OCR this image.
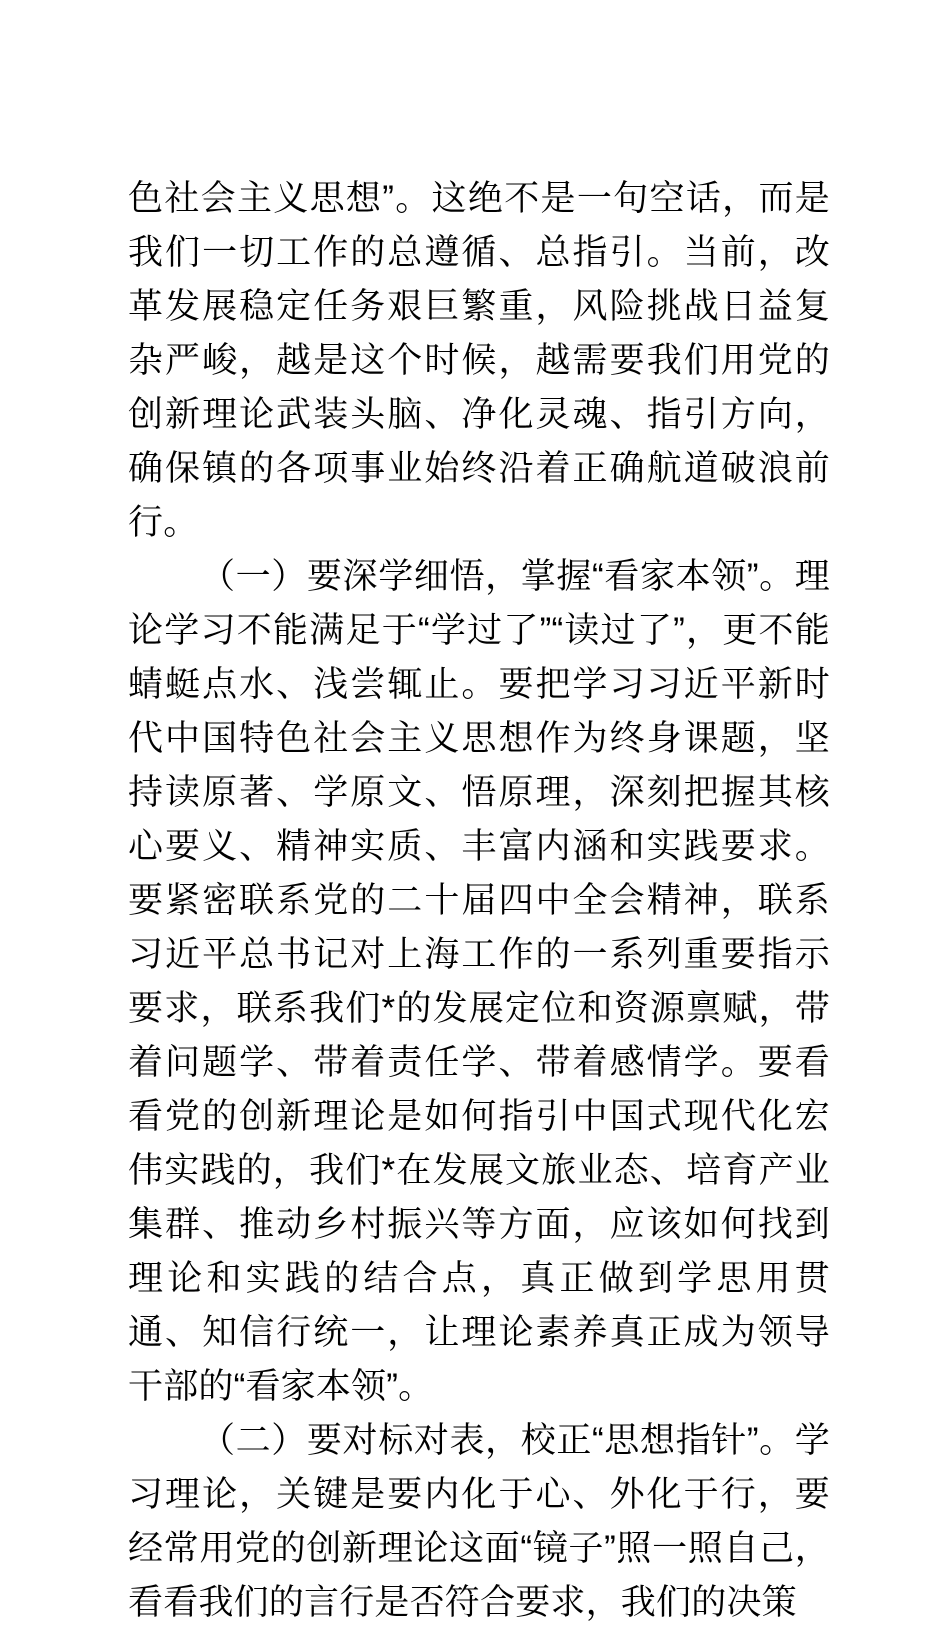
色社会主义思想”。这绝不是一句空话，而是我们一切工作的总遵循、总指引。当前，改革发展稳定任务艰巨繁重，风险挑战日益复杂严峻，越是这个时候，越需要我们用党的创新理论武装头脑、净化灵魂、指引方向，确保镇的各项事业始终沿着正确航道破浪前行。

（一）要深学细悟，掌握“看家本领”。理论学习不能满足于“学过了”“读过了”，更不能蜻蜓点水、浅尝辄止。要把学习习近平新时代中国特色社会主义思想作为终身课题，坚持读原著、学原文、悟原理，深刻把握其核心要义、精神实质、丰富内涵和实践要求。要紧密联系党的二十届四中全会精神，联系习近平总书记对上海工作的一系列重要指示要求，联系我们*的发展定位和资源禀赋，带着问题学、带着责任学、带着感情学。要看看党的创新理论是如何指引中国式现代化宏伟实践的，我们*在发展文旅业态、培育产业集群、推动乡村振兴等方面，应该如何找到理论和实践的结合点，真正做到学思用贯通、知信行统一，让理论素养真正成为领导干部的“看家本领”。

（二）要对标对表，校正“思想指针”。学习理论，关键是要内化于心、外化于行，要经常用党的创新理论这面“镜子”照一照自己，看看我们的言行是否符合要求，我们的决策
